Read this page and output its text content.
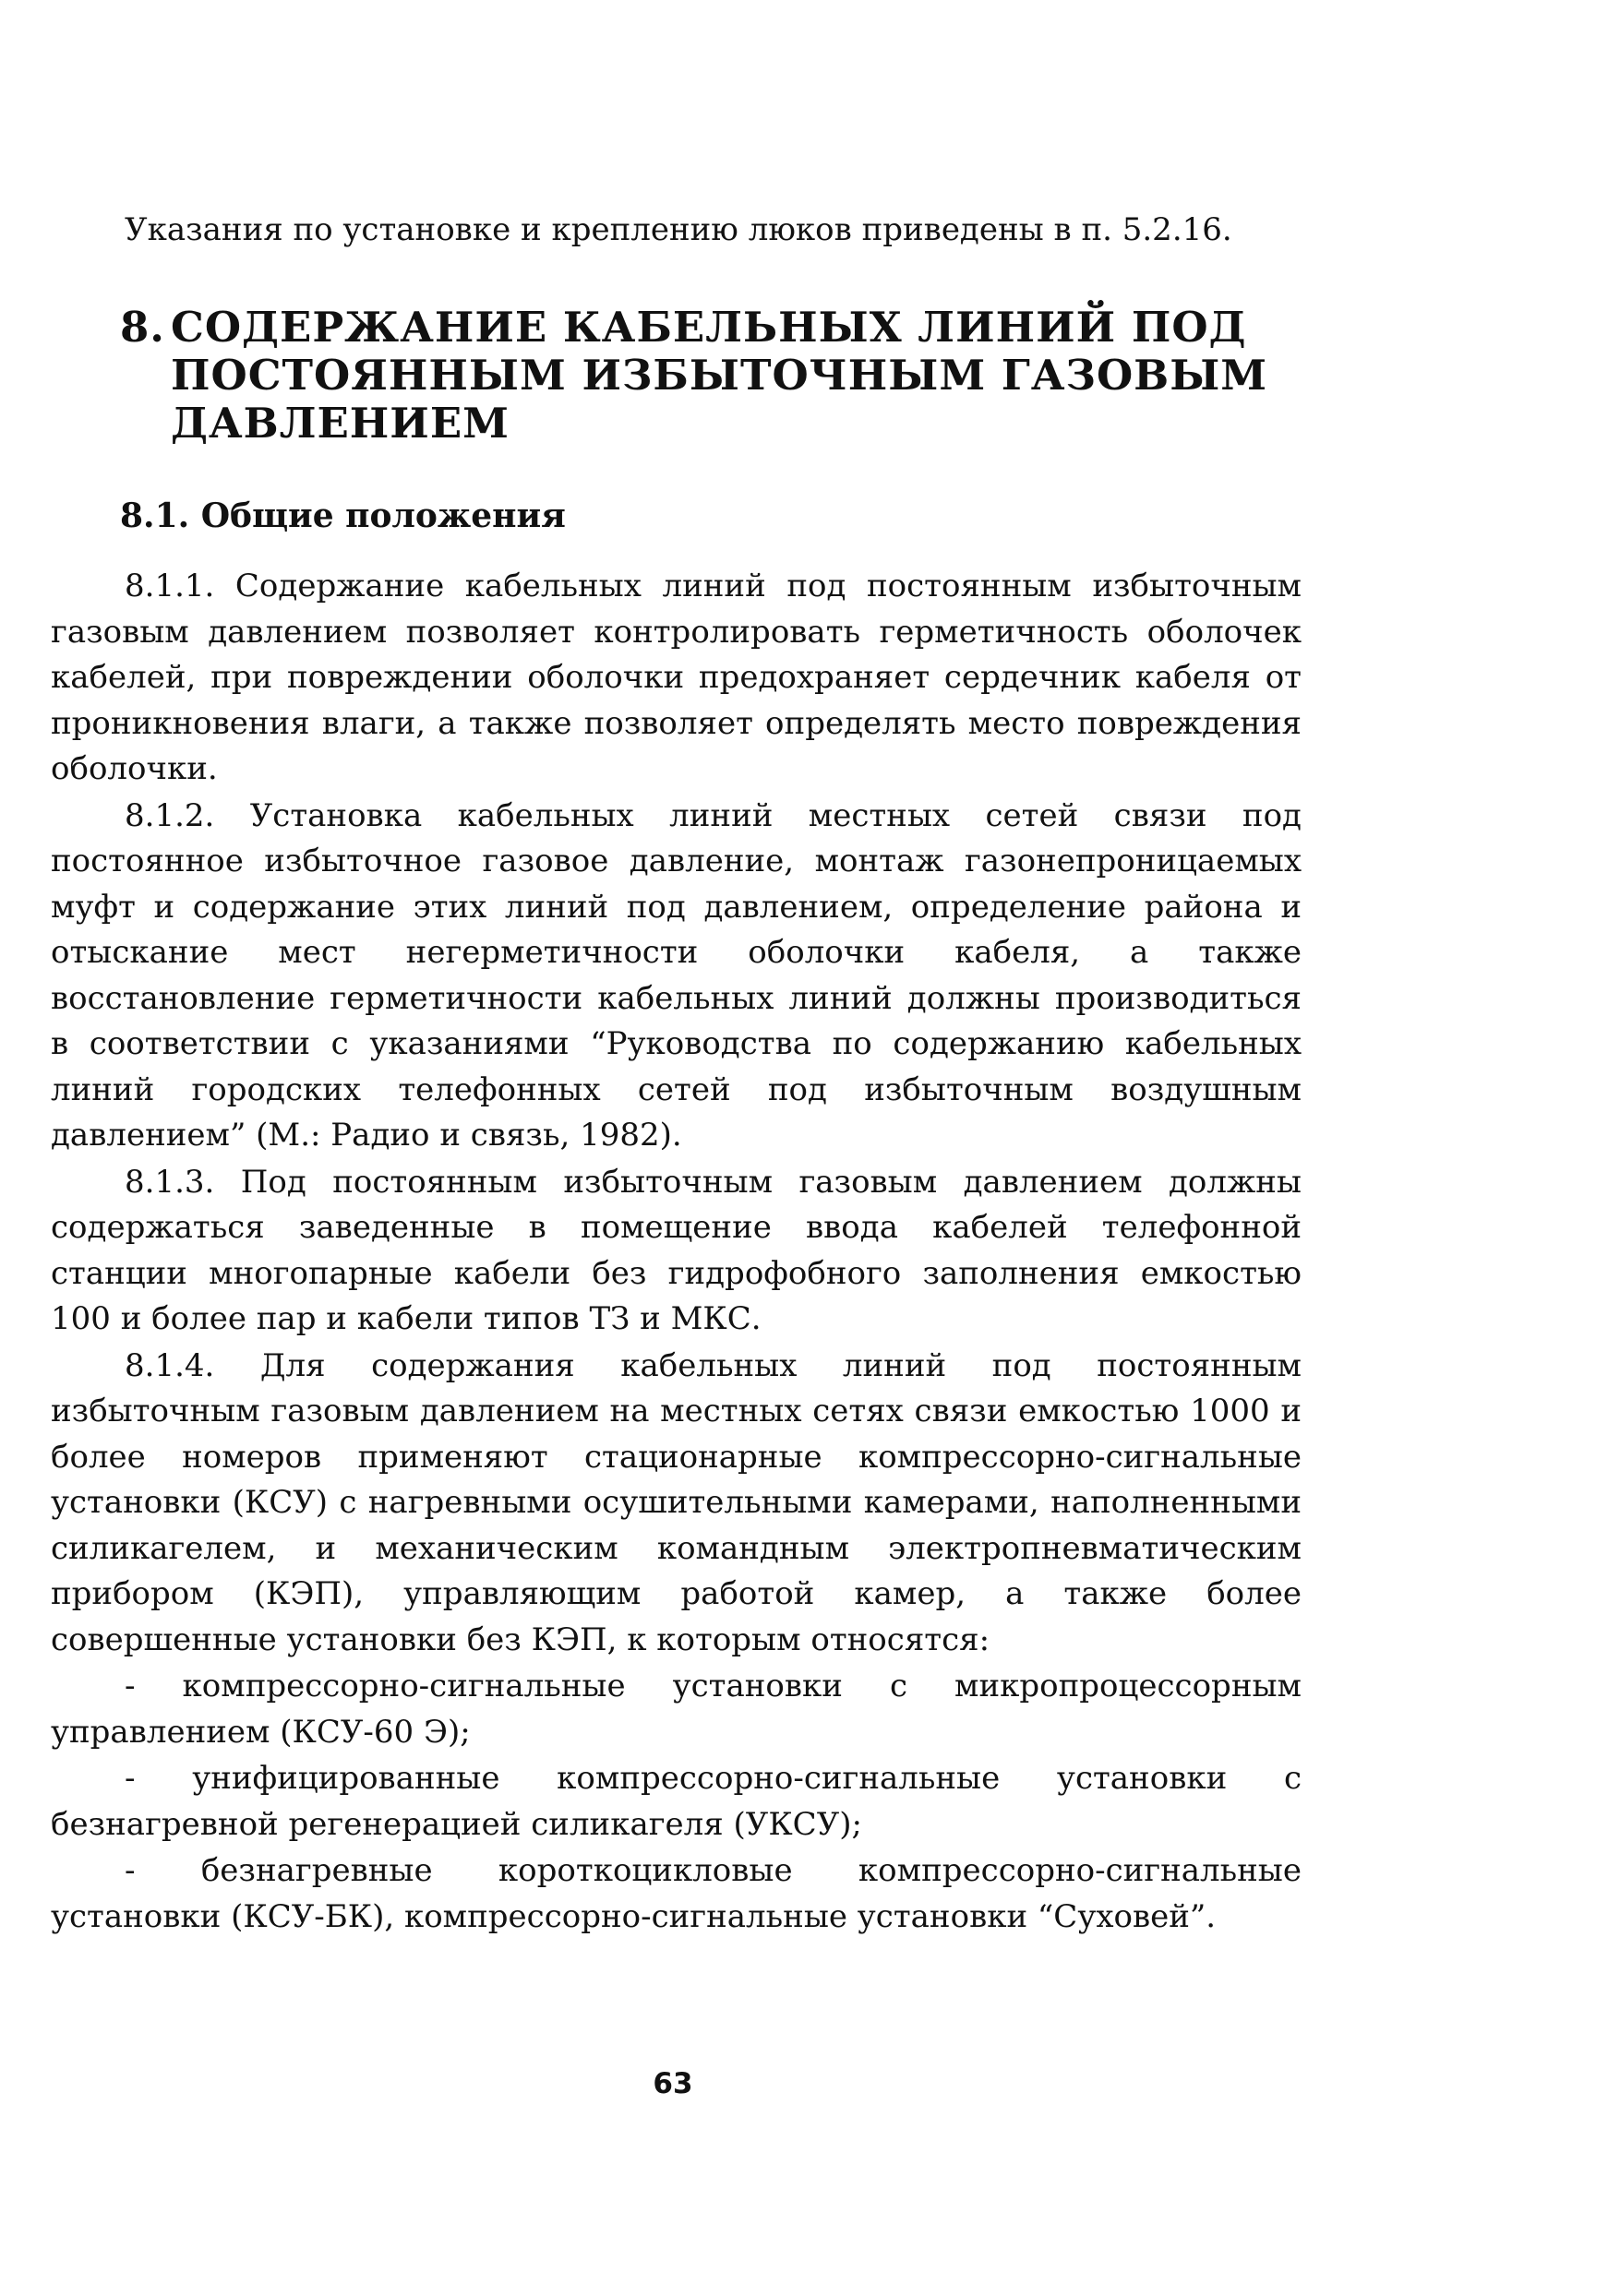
Указания по установке и креплению люков приведены в п. 5.2.16.

8. СОДЕРЖАНИЕ КАБЕЛЬНЫХ ЛИНИЙ ПОД
ПОСТОЯННЫМ ИЗБЫТОЧНЫМ ГАЗОВЫМ
ДАВЛЕНИЕМ
8.1. Общие положения

8.1.1. Содержание кабельных линий под постоянным избыточным газовым давлением позволяет контролировать герметичность оболочек кабелей, при повреждении оболочки предохраняет сердечник кабеля от проникновения влаги, а также позволяет определять место повреждения оболочки.

8.1.2. Установка кабельных линий местных сетей связи под постоянное избыточное газовое давление, монтаж газонепроницаемых муфт и содержание этих линий под давлением, определение района и отыскание мест негерметичности оболочки кабеля, а также восстановление герметичности кабельных линий должны производиться в соответствии с указаниями “Руководства по содержанию кабельных линий городских телефонных сетей под избыточным воздушным давлением” (М.: Радио и связь, 1982).

8.1.3. Под постоянным избыточным газовым давлением должны содержаться заведенные в помещение ввода кабелей телефонной станции многопарные кабели без гидрофобного заполнения емкостью 100 и более пар и кабели типов ТЗ и МКС.

8.1.4. Для содержания кабельных линий под постоянным избыточным газовым давлением на местных сетях связи емкостью 1000 и более номеров применяют стационарные компрессорно-сигнальные установки (КСУ) с нагревными осушительными камерами, наполненными силикагелем, и механическим командным электропневматическим прибором (КЭП), управляющим работой камер, а также более совершенные установки без КЭП, к которым относятся:

- компрессорно-сигнальные установки с микропроцессорным управлением (КСУ-60 Э);

- унифицированные компрессорно-сигнальные установки с безнагревной регенерацией силикагеля (УКСУ);

- безнагревные короткоцикловые компрессорно-сигнальные установки (КСУ-БК), компрессорно-сигнальные установки “Суховей”.

63
